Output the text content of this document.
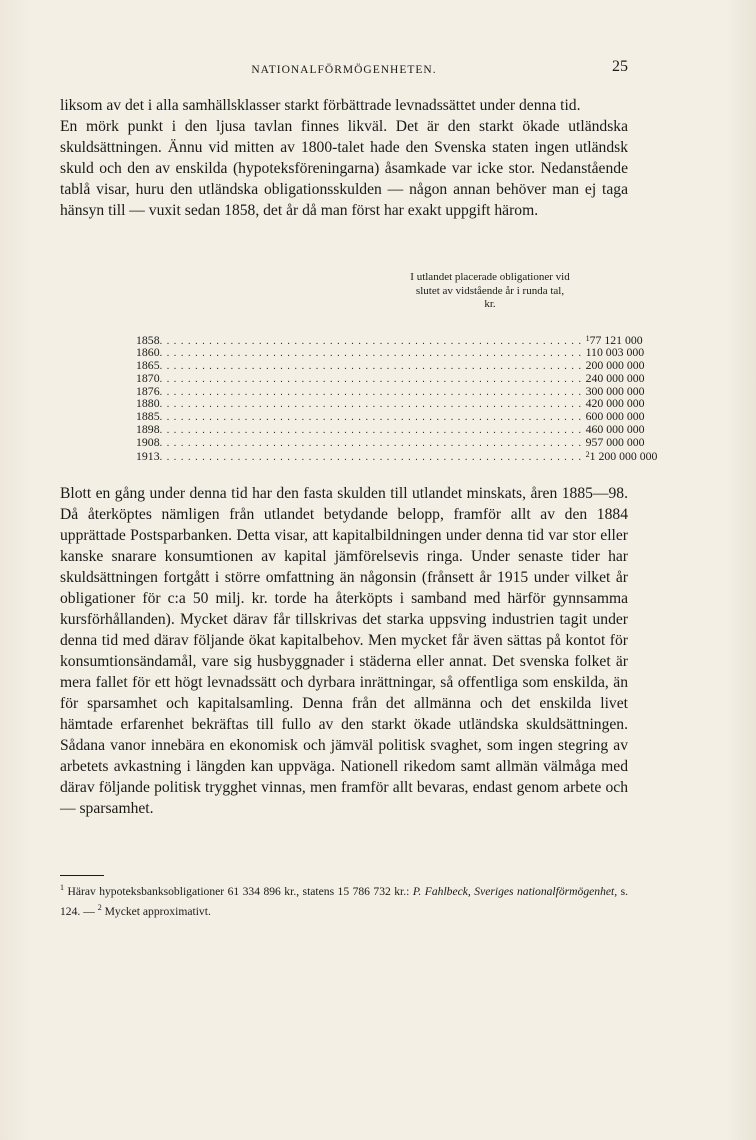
NATIONALFÖRMÖGENHETEN.	25

liksom av det i alla samhällsklasser starkt förbättrade levnadssättet under denna tid.

En mörk punkt i den ljusa tavlan finnes likväl. Det är den starkt ökade utländska skuldsättningen. Ännu vid mitten av 1800-talet hade den Svenska staten ingen utländsk skuld och den av enskilda (hypoteksföreningarna) åsamkade var icke stor. Nedanstående tablå visar, huru den utländska obligationsskulden — någon annan behöver man ej taga hänsyn till — vuxit sedan 1858, det år då man först har exakt uppgift härom.

I utlandet placerade obligationer vid slutet av vidstående år i runda tal, kr.
1858 ............................................................ $^1$77 121 000
1860 ............................................................ 110 003 000
1865 ............................................................ 200 000 000
1870 ............................................................ 240 000 000
1876 ............................................................ 300 000 000
1880 ............................................................ 420 000 000
1885 ............................................................ 600 000 000
1898 ............................................................ 460 000 000
1908 ............................................................ 957 000 000
1913 ............................................................ $^2$1 200 000 000

Blott en gång under denna tid har den fasta skulden till utlandet minskats, åren 1885—98. Då återköptes nämligen från utlandet betydande belopp, framför allt av den 1884 upprättade Postsparbanken. Detta visar, att kapitalbildningen under denna tid var stor eller kanske snarare konsumtionen av kapital jämförelsevis ringa. Under senaste tider har skuldsättningen fortgått i större omfattning än någonsin (frånsett år 1915 under vilket år obligationer för c:a 50 milj. kr. torde ha återköpts i samband med härför gynnsamma kursförhållanden). Mycket därav får tillskrivas det starka uppsving industrien tagit under denna tid med därav följande ökat kapitalbehov. Men mycket får även sättas på kontot för konsumtionsändamål, vare sig husbyggnader i städerna eller annat. Det svenska folket är mera fallet för ett högt levnadssätt och dyrbara inrättningar, så offentliga som enskilda, än för sparsamhet och kapitalsamling. Denna från det allmänna och det enskilda livet hämtade erfarenhet bekräftas till fullo av den starkt ökade utländska skuldsättningen. Sådana vanor innebära en ekonomisk och jämväl politisk svaghet, som ingen stegring av arbetets avkastning i längden kan uppväga. Nationell rikedom samt allmän välmåga med därav följande politisk trygghet vinnas, men framför allt bevaras, endast genom arbete och — sparsamhet.

$^1$ Härav hypoteksbanksobligationer 61 334 896 kr., statens 15 786 732 kr.: P. Fahlbeck, Sveriges nationalförmögenhet, s. 124. — $^2$ Mycket approximativt.
